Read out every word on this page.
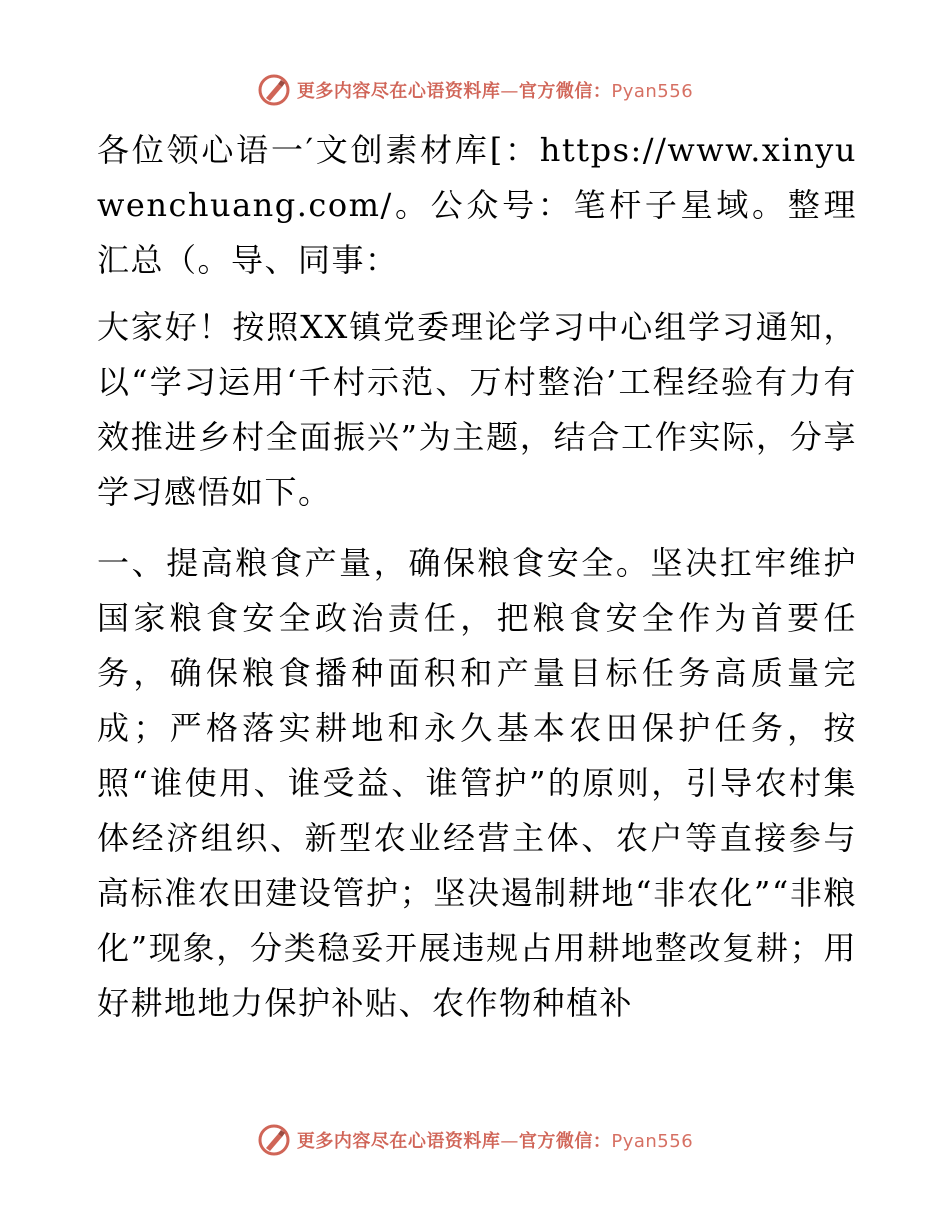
更多内容尽在心语资料库—官方微信：Pyan556

各位领心语一′文创素材库[：https://www.xinyuwenchuang.com/。公众号：笔杆子星域。整理汇总（。导、同事：

大家好！按照XX镇党委理论学习中心组学习通知，以“学习运用‘千村示范、万村整治’工程经验有力有效推进乡村全面振兴”为主题，结合工作实际，分享学习感悟如下。

一、提高粮食产量，确保粮食安全。坚决扛牢维护国家粮食安全政治责任，把粮食安全作为首要任务，确保粮食播种面积和产量目标任务高质量完成；严格落实耕地和永久基本农田保护任务，按照“谁使用、谁受益、谁管护”的原则，引导农村集体经济组织、新型农业经营主体、农户等直接参与高标准农田建设管护；坚决遏制耕地“非农化”“非粮化”现象，分类稳妥开展违规占用耕地整改复耕；用好耕地地力保护补贴、农作物种植补

更多内容尽在心语资料库—官方微信：Pyan556
